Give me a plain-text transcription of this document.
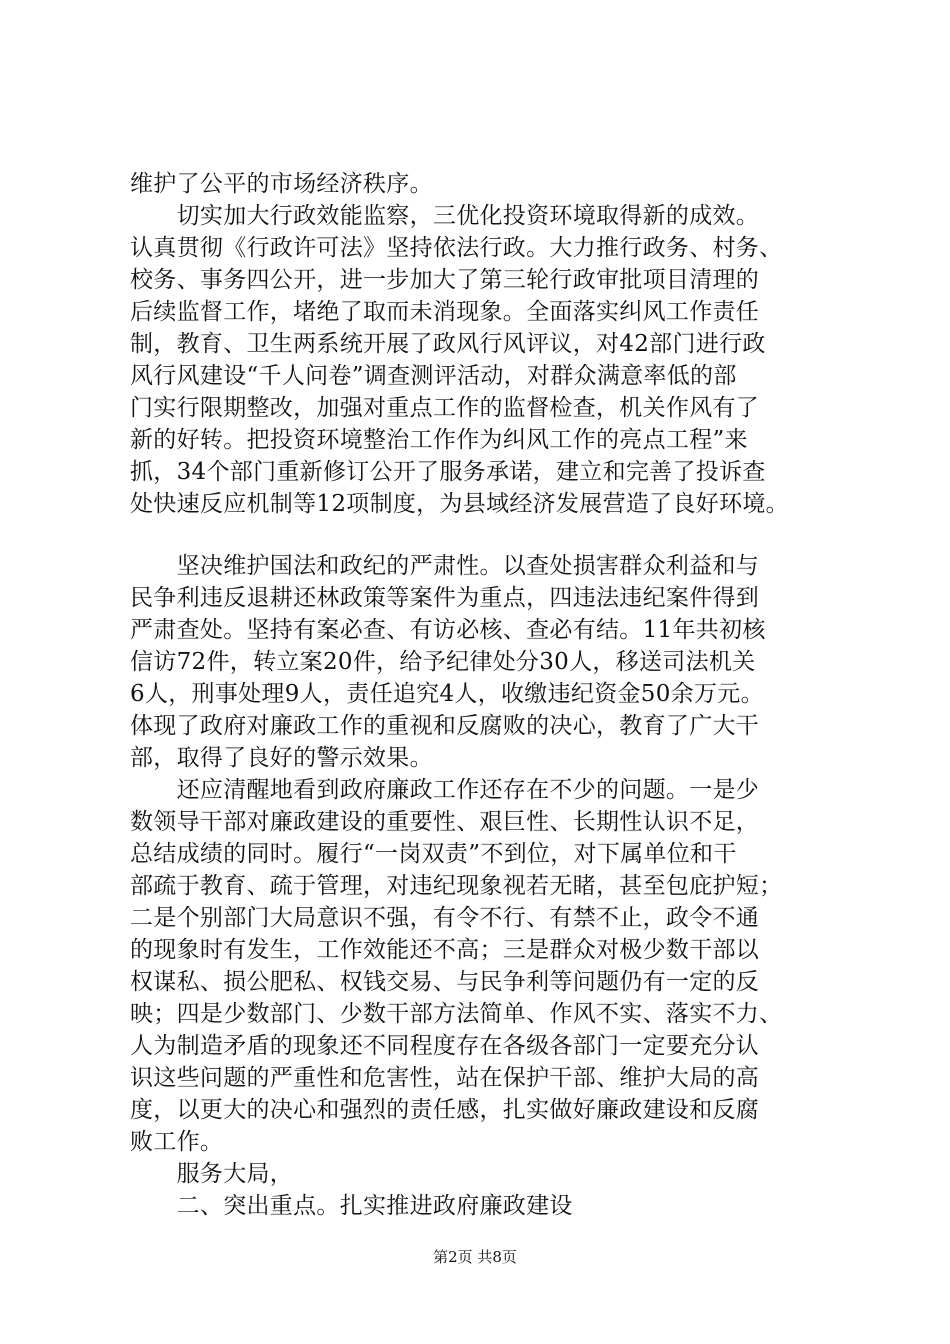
维护了公平的市场经济秩序。
　　切实加大行政效能监察，三优化投资环境取得新的成效。
认真贯彻《行政许可法》坚持依法行政。大力推行政务、村务、
校务、事务四公开，进一步加大了第三轮行政审批项目清理的
后续监督工作，堵绝了取而未消现象。全面落实纠风工作责任
制，教育、卫生两系统开展了政风行风评议，对42部门进行政
风行风建设“千人问卷”调查测评活动，对群众满意率低的部
门实行限期整改，加强对重点工作的监督检查，机关作风有了
新的好转。把投资环境整治工作作为纠风工作的亮点工程”来
抓，34个部门重新修订公开了服务承诺，建立和完善了投诉查
处快速反应机制等12项制度，为县域经济发展营造了良好环境。
　　坚决维护国法和政纪的严肃性。以查处损害群众利益和与
民争利违反退耕还林政策等案件为重点，四违法违纪案件得到
严肃查处。坚持有案必查、有访必核、查必有结。11年共初核
信访72件，转立案20件，给予纪律处分30人，移送司法机关
6人，刑事处理9人，责任追究4人，收缴违纪资金50余万元。
体现了政府对廉政工作的重视和反腐败的决心，教育了广大干
部，取得了良好的警示效果。
　　还应清醒地看到政府廉政工作还存在不少的问题。一是少
数领导干部对廉政建设的重要性、艰巨性、长期性认识不足，
总结成绩的同时。履行“一岗双责”不到位，对下属单位和干
部疏于教育、疏于管理，对违纪现象视若无睹，甚至包庇护短；
二是个别部门大局意识不强，有令不行、有禁不止，政令不通
的现象时有发生，工作效能还不高；三是群众对极少数干部以
权谋私、损公肥私、权钱交易、与民争利等问题仍有一定的反
映；四是少数部门、少数干部方法简单、作风不实、落实不力、
人为制造矛盾的现象还不同程度存在各级各部门一定要充分认
识这些问题的严重性和危害性，站在保护干部、维护大局的高
度，以更大的决心和强烈的责任感，扎实做好廉政建设和反腐
败工作。
　　服务大局，
　　二、突出重点。扎实推进政府廉政建设
第2页 共8页
